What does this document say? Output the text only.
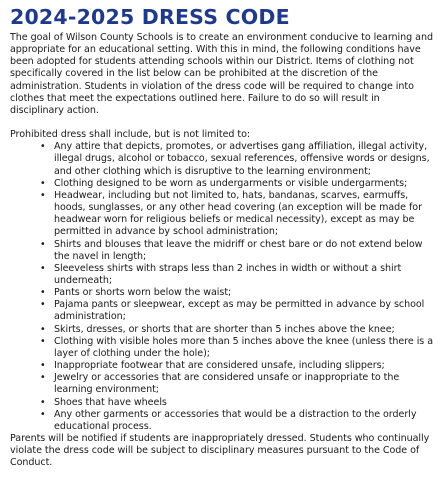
2024-2025 DRESS CODE

The goal of Wilson County Schools is to create an environment conducive to learning and appropriate for an educational setting. With this in mind, the following conditions have been adopted for students attending schools within our District. Items of clothing not specifically covered in the list below can be prohibited at the discretion of the administration. Students in violation of the dress code will be required to change into clothes that meet the expectations outlined here. Failure to do so will result in disciplinary action.

Prohibited dress shall include, but is not limited to:

• Any attire that depicts, promotes, or advertises gang affiliation, illegal activity, illegal drugs, alcohol or tobacco, sexual references, offensive words or designs, and other clothing which is disruptive to the learning environment;
• Clothing designed to be worn as undergarments or visible undergarments;
• Headwear, including but not limited to, hats, bandanas, scarves, earmuffs, hoods, sunglasses, or any other head covering (an exception will be made for headwear worn for religious beliefs or medical necessity), except as may be permitted in advance by school administration;
• Shirts and blouses that leave the midriff or chest bare or do not extend below the navel in length;
• Sleeveless shirts with straps less than 2 inches in width or without a shirt underneath;
• Pants or shorts worn below the waist;
• Pajama pants or sleepwear, except as may be permitted in advance by school administration;
• Skirts, dresses, or shorts that are shorter than 5 inches above the knee;
• Clothing with visible holes more than 5 inches above the knee (unless there is a layer of clothing under the hole);
• Inappropriate footwear that are considered unsafe, including slippers;
• Jewelry or accessories that are considered unsafe or inappropriate to the learning environment;
• Shoes that have wheels
• Any other garments or accessories that would be a distraction to the orderly educational process.

Parents will be notified if students are inappropriately dressed. Students who continually violate the dress code will be subject to disciplinary measures pursuant to the Code of Conduct.
